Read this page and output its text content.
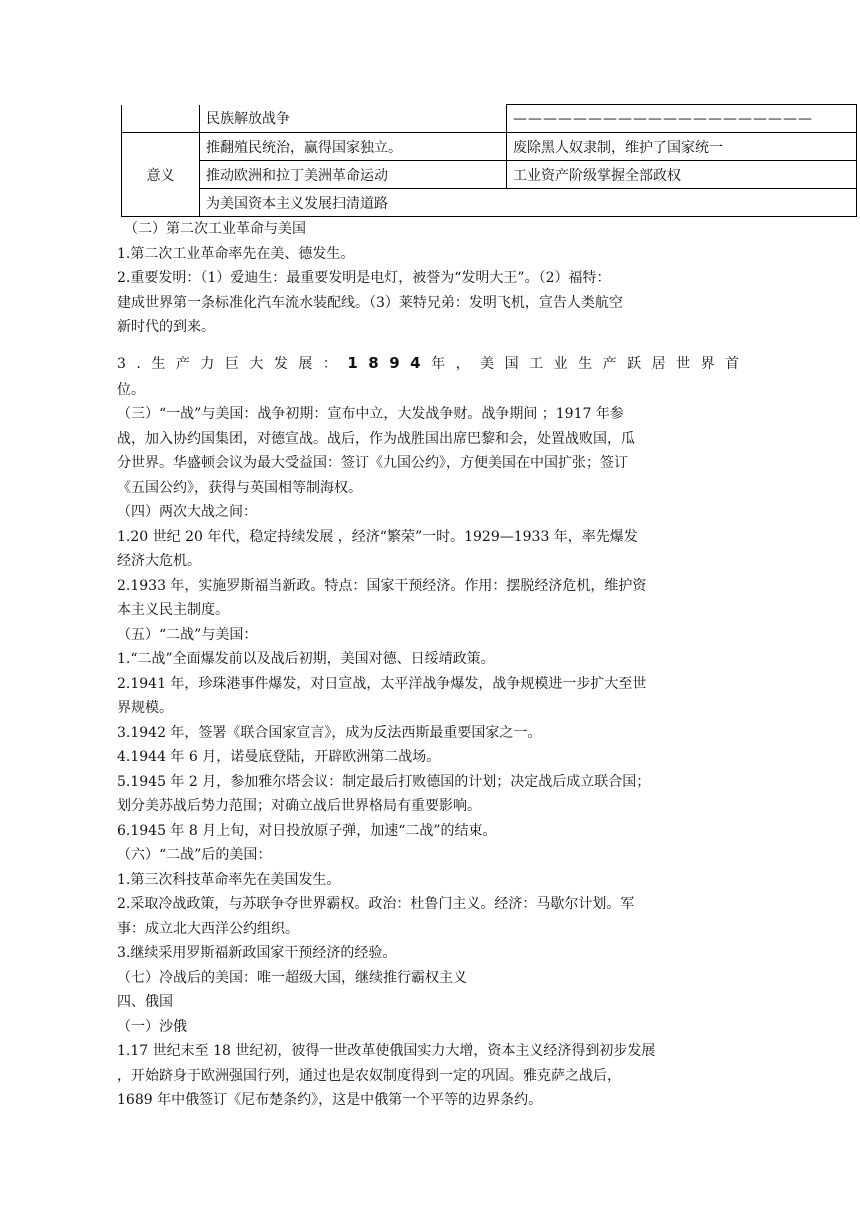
	民族解放战争	————————————————————
意义	推翻殖民统治，赢得国家独立。	废除黑人奴隶制，维护了国家统一
	推动欧洲和拉丁美洲革命运动	工业资产阶级掌握全部政权
	为美国资本主义发展扫清道路	
　（二）第二次工业革命与美国
1.第二次工业革命率先在美、德发生。
2.重要发明：（1）爱迪生：最重要发明是电灯，被誉为“发明大王”。（2）福特：
建成世界第一条标准化汽车流水装配线。（3）莱特兄弟：发明飞机，宣告人类航空
新时代的到来。
3.生产力巨大发展：1894年，美国工业生产跃居世界首
位。
（三）“一战”与美国：战争初期：宣布中立，大发战争财。战争期间 ；1917 年参
战，加入协约国集团，对德宣战。战后，作为战胜国出席巴黎和会，处置战败国，瓜
分世界。华盛顿会议为最大受益国：签订《九国公约》，方便美国在中国扩张；签订
《五国公约》，获得与英国相等制海权。
（四）两次大战之间：
1.20 世纪 20 年代，稳定持续发展 ，经济“繁荣”一时。1929—1933 年，率先爆发
经济大危机。
2.1933 年，实施罗斯福当新政。特点：国家干预经济。作用：摆脱经济危机，维护资
本主义民主制度。
（五）“二战”与美国：
1.“二战”全面爆发前以及战后初期，美国对德、日绥靖政策。
2.1941 年，珍珠港事件爆发，对日宣战，太平洋战争爆发，战争规模进一步扩大至世
界规模。
3.1942 年，签署《联合国家宣言》，成为反法西斯最重要国家之一。
4.1944 年 6 月，诺曼底登陆，开辟欧洲第二战场。
5.1945 年 2 月，参加雅尔塔会议：制定最后打败德国的计划；决定战后成立联合国；
划分美苏战后势力范围；对确立战后世界格局有重要影响。
6.1945 年 8 月上旬，对日投放原子弹，加速“二战”的结束。
（六）“二战”后的美国：
1.第三次科技革命率先在美国发生。
2.采取冷战政策，与苏联争夺世界霸权。政治：杜鲁门主义。经济：马歇尔计划。军
事：成立北大西洋公约组织。
3.继续采用罗斯福新政国家干预经济的经验。
（七）冷战后的美国：唯一超级大国，继续推行霸权主义
四、俄国
（一）沙俄
1.17 世纪末至 18 世纪初，彼得一世改革使俄国实力大增，资本主义经济得到初步发展
，开始跻身于欧洲强国行列，通过也是农奴制度得到一定的巩固。雅克萨之战后，
1689 年中俄签订《尼布楚条约》，这是中俄第一个平等的边界条约。
